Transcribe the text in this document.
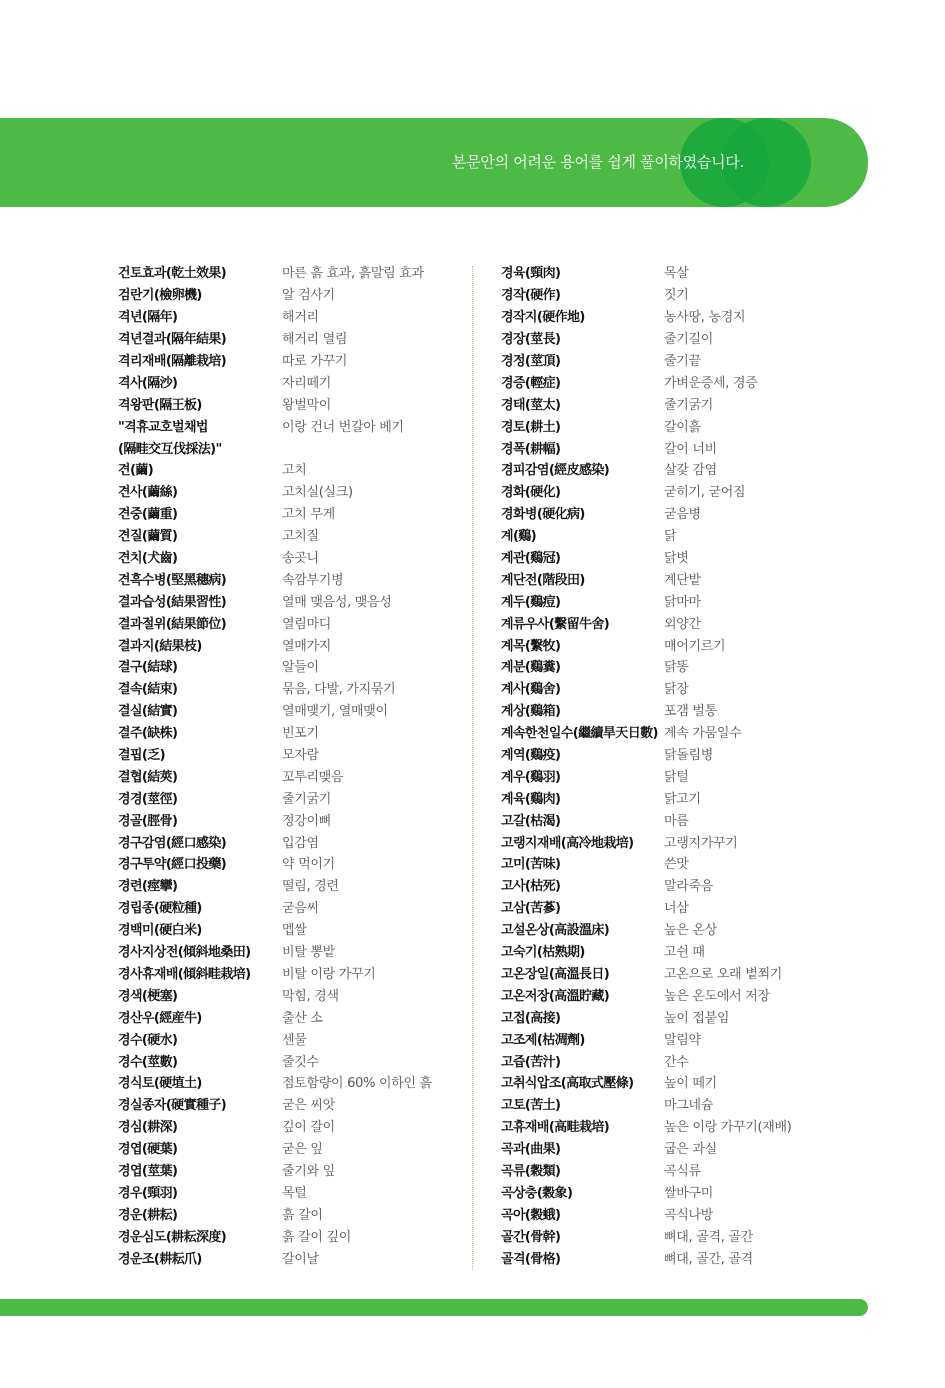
본문안의 어려운 용어를 쉽게 풀이하였습니다.
건토효과(乾土效果)	마른 흙 효과, 흙말림 효과
검란기(檢卵機)	알 검사기
격년(隔年)	해거리
격년결과(隔年結果)	해거리 열림
격리재배(隔離栽培)	따로 가꾸기
격사(隔沙)	자리떼기
격왕판(隔王板)	왕벌막이
"격휴교호벌채법	이랑 건너 번갈아 베기
(隔畦交互伐採法)"
견(繭)	고치
견사(繭絲)	고치실(실크)
견중(繭重)	고치 무게
견질(繭質)	고치질
견치(犬齒)	송곳니
견흑수병(堅黑穗病)	속깜부기병
결과습성(結果習性)	열매 맺음성, 맺음성
결과절위(結果節位)	열림마디
결과지(結果枝)	열매가지
결구(結球)	알들이
결속(結束)	묶음, 다발, 가지묶기
결실(結實)	열매맺기, 열매맺이
결주(缺株)	빈포기
결핍(乏)	모자람
결협(結莢)	꼬투리맺음
경경(莖徑)	줄기굵기
경골(脛骨)	정강이뼈
경구감염(經口感染)	입감염
경구투약(經口投藥)	약 먹이기
경련(痙攣)	떨림, 경련
경립종(硬粒種)	굳음씨
경백미(硬白米)	멥쌀
경사지상전(傾斜地桑田)	비탈 뽕밭
경사휴재배(傾斜畦栽培)	비탈 이랑 가꾸기
경색(梗塞)	막힘, 경색
경산우(經産牛)	출산 소
경수(硬水)	센물
경수(莖數)	줄깃수
경식토(硬埴土)	점토함량이 60% 이하인 흙
경실종자(硬實種子)	굳은 씨앗
경심(耕深)	깊이 갈이
경엽(硬葉)	굳은 잎
경엽(莖葉)	줄기와 잎
경우(頸羽)	목털
경운(耕耘)	흙 갈이
경운심도(耕耘深度)	흙 갈이 깊이
경운조(耕耘爪)	갈이날
경육(頸肉)	목살
경작(硬作)	짓기
경작지(硬作地)	농사땅, 농경지
경장(莖長)	줄기길이
경정(莖頂)	줄기끝
경증(輕症)	가벼운증세, 경증
경태(莖太)	줄기굵기
경토(耕土)	갈이흙
경폭(耕幅)	갈이 너비
경피감염(經皮感染)	살갗 감염
경화(硬化)	굳히기, 굳어짐
경화병(硬化病)	굳음병
계(鷄)	닭
계관(鷄冠)	닭볏
계단전(階段田)	계단밭
계두(鷄痘)	닭마마
계류우사(繫留牛舍)	외양간
계목(繫牧)	매어기르기
계분(鷄糞)	닭똥
계사(鷄舍)	닭장
계상(鷄箱)	포갬 벌통
계속한천일수(繼續旱天日數) 계속 가뭄일수
계역(鷄疫)	닭돌림병
계우(鷄羽)	닭털
계육(鷄肉)	닭고기
고갈(枯渴)	마름
고랭지재배(高冷地栽培)	고랭지가꾸기
고미(苦味)	쓴맛
고사(枯死)	말라죽음
고삼(苦蔘)	너삼
고설온상(高設溫床)	높은 온상
고숙기(枯熟期)	고쉰 때
고온장일(高溫長日)	고온으로 오래 볕쬐기
고온저장(高溫貯藏)	높은 온도에서 저장
고접(高接)	높이 접붙임
고조제(枯凋劑)	말림약
고즙(苦汁)	간수
고취식압조(高取式壓條)	높이 떼기
고토(苦土)	마그네슘
고휴재배(高畦栽培)	높은 이랑 가꾸기(재배)
곡과(曲果)	굽은 과실
곡류(穀類)	곡식류
곡상충(穀象)	쌀바구미
곡아(穀蛾)	곡식나방
골간(骨幹)	뼈대, 골격, 골간
골격(骨格)	뼈대, 골간, 골격
